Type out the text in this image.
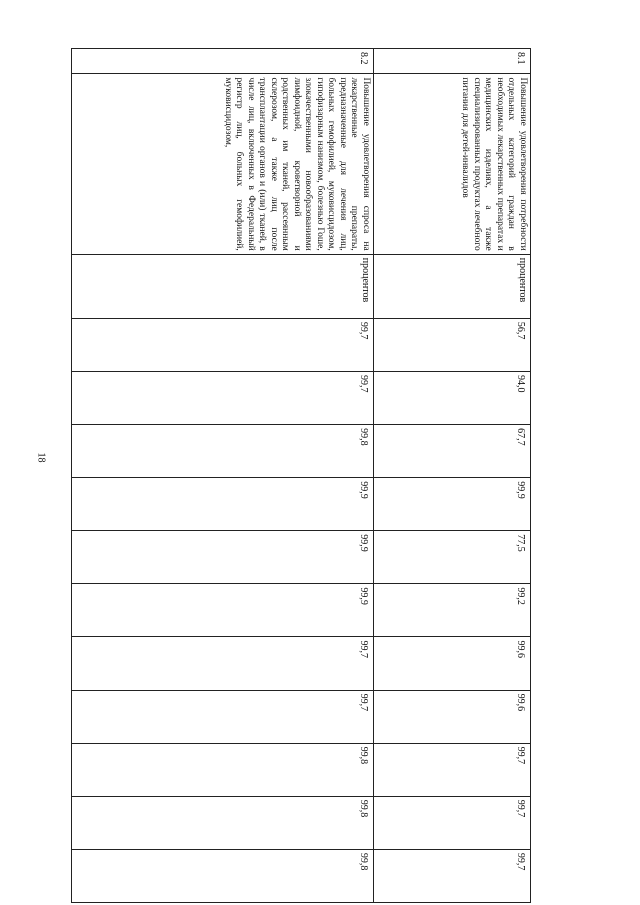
18
8.1	Повышение удовлетворения потребности отдельных категорий граждан в необходимых лекарственных препаратах и медицинских изделиях, а также специализированных продуктах лечебного питания для детей-инвалидов	процентов	56,7	94,0	67,7	99,9	77,5	99,2	99,6	99,6	99,7	99,7	99,7
8.2	Повышение удовлетворения спроса на лекарственные препараты, предназначенные для лечения лиц, больных гемофилией, муковисцидозом, гипофизарным нанизмом, болезнью Гоше, злокачественными новообразованиями лимфоидной, кроветворной и родственных им тканей, рассеянным склерозом, а также лиц после трансплантации органов и (или) тканей, в числе лиц, включенных в Федеральный регистр лиц, больных гемофилией, муковисцидозом,	процентов	99,7	99,7	99,8	99,9	99,9	99,9	99,7	99,7	99,8	99,8	99,8
